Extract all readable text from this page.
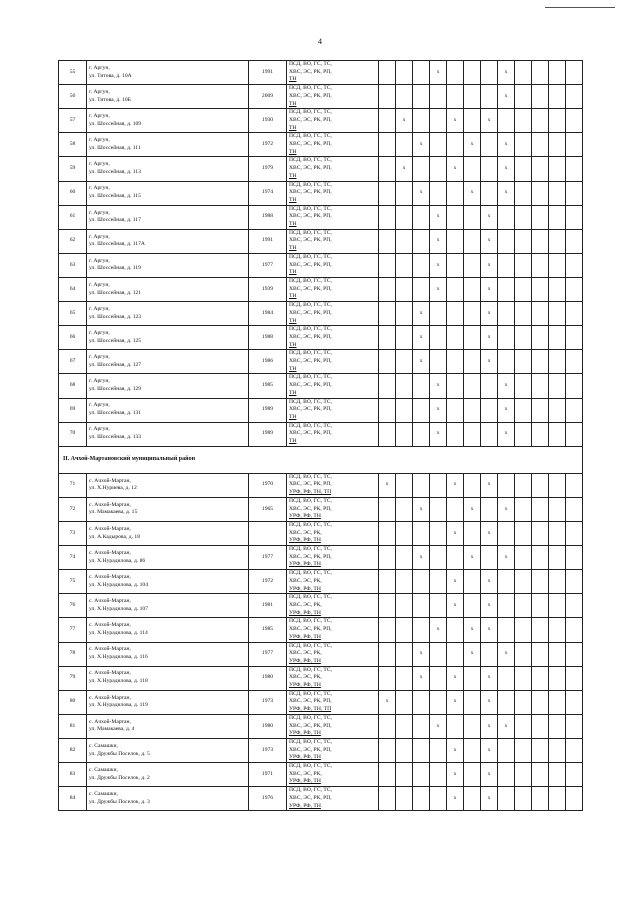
4
55	г. Аргун,
ул. Титова, д. 10А	1991	ПСД, ВО, ГС, ТС,
ХВС, ЭС, РК, РП,
ТН				x				x				
56	г. Аргун,
ул. Титова, д. 10Б	2009	ПСД, ВО, ГС, ТС,
ХВС, ЭС, РК, РП,
ТН								x				
57	г. Аргун,
ул. Шоссейная, д. 109	1930	ПСД, ВО, ГС, ТС,
ХВС, ЭС, РК, РП,
ТН		x			x		x					
58	г. Аргун,
ул. Шоссейная, д. 111	1972	ПСД, ВО, ГС, ТС,
ХВС, ЭС, РК, РП,
ТН			x			x		x				
59	г. Аргун,
ул. Шоссейная, д. 113	1979	ПСД, ВО, ГС, ТС,
ХВС, ЭС, РК, РП,
ТН		x			x			x				
60	г. Аргун,
ул. Шоссейная, д. 115	1974	ПСД, ВО, ГС, ТС,
ХВС, ЭС, РК, РП,
ТН			x			x		x				
61	г. Аргун,
ул. Шоссейная, д. 117	1988	ПСД, ВО, ГС, ТС,
ХВС, ЭС, РК, РП,
ТН				x			x					
62	г. Аргун,
ул. Шоссейная, д. 117А	1991	ПСД, ВО, ГС, ТС,
ХВС, ЭС, РК, РП,
ТН				x			x					
63	г. Аргун,
ул. Шоссейная, д. 119	1977	ПСД, ВО, ГС, ТС,
ХВС, ЭС, РК, РП,
ТН				x			x					
64	г. Аргун,
ул. Шоссейная, д. 121	1939	ПСД, ВО, ГС, ТС,
ХВС, ЭС, РК, РП,
ТН				x			x					
65	г. Аргун,
ул. Шоссейная, д. 123	1984	ПСД, ВО, ГС, ТС,
ХВС, ЭС, РК, РП,
ТН			x				x					
66	г. Аргун,
ул. Шоссейная, д. 125	1988	ПСД, ВО, ГС, ТС,
ХВС, ЭС, РК, РП,
ТН			x				x					
67	г. Аргун,
ул. Шоссейная, д. 127	1986	ПСД, ВО, ГС, ТС,
ХВС, ЭС, РК, РП,
ТН			x				x					
68	г. Аргун,
ул. Шоссейная, д. 129	1985	ПСД, ВО, ГС, ТС,
ХВС, ЭС, РК, РП,
ТН				x				x				
69	г. Аргун,
ул. Шоссейная, д. 131	1989	ПСД, ВО, ГС, ТС,
ХВС, ЭС, РК, РП,
ТН				x				x				
70	г. Аргун,
ул. Шоссейная, д. 133	1989	ПСД, ВО, ГС, ТС,
ХВС, ЭС, РК, РП,
ТН				x				x				
II. Ачхой-Мартановский муниципальный район															
71	с. Ачхой-Мартан,
ул. Х.Нуриева, д. 12	1970	ПСД, ВО, ГС, ТС,
ХВС, ЭС, РК, РП,
УРФ, РФ, ТН, ТП	x				x		x					
72	с. Ачхой-Мартан,
ул. Мамакаева, д. 15	1965	ПСД, ВО, ГС, ТС,
ХВС, ЭС, РК, РП,
УРФ, РФ, ТН			x			x		x				
73	с. Ачхой-Мартан,
ул. А.Кадырова, д. 18		ПСД, ВО, ГС, ТС,
ХВС, ЭС, РК,
УРФ, РФ, ТН					x		x					
74	с. Ачхой-Мартан,
ул. Х.Нурадилова, д. 86	1977	ПСД, ВО, ГС, ТС,
ХВС, ЭС, РК, РП,
УРФ, РФ, ТН			x			x		x				
75	с. Ачхой-Мартан,
ул. Х.Нурадилова, д. 104	1972	ПСД, ВО, ГС, ТС,
ХВС, ЭС, РК,
УРФ, РФ, ТН					x		x					
76	с. Ачхой-Мартан,
ул. Х.Нурадилова, д. 107	1981	ПСД, ВО, ГС, ТС,
ХВС, ЭС, РК,
УРФ, РФ, ТН					x		x					
77	с. Ачхой-Мартан,
ул. Х.Нурадилова, д. 114	1985	ПСД, ВО, ГС, ТС,
ХВС, ЭС, РК, РП,
УРФ, РФ, ТН				x		x	x					
78	с. Ачхой-Мартан,
ул. Х.Нурадилова, д. 116	1977	ПСД, ВО, ГС, ТС,
ХВС, ЭС, РК,
УРФ, РФ, ТН			x			x		x				
79	с. Ачхой-Мартан,
ул. Х.Нурадилова, д. 118	1980	ПСД, ВО, ГС, ТС,
ХВС, ЭС, РК,
УРФ, РФ, ТН			x		x		x					
80	с. Ачхой-Мартан,
ул. Х.Нурадилова, д. 119	1973	ПСД, ВО, ГС, ТС,
ХВС, ЭС, РК, РП,
УРФ, РФ, ТН, ТП	x				x		x					
81	с. Ачхой-Мартан,
ул. Мамакаева, д. 4	1980	ПСД, ВО, ГС, ТС,
ХВС, ЭС, РК, РП,
УРФ, РФ, ТН				x			x	x				
82	с. Самашки,
ул. Дружбы Поселок, д. 5	1973	ПСД, ВО, ГС, ТС,
ХВС, ЭС, РК, РП,
УРФ, РФ, ТН					x		x					
83	с. Самашки,
ул. Дружбы Поселок, д. 2	1971	ПСД, ВО, ГС, ТС,
ХВС, ЭС, РК,
УРФ, РФ, ТН					x		x					
84	с. Самашки,
ул. Дружбы Поселок, д. 3	1976	ПСД, ВО, ГС, ТС,
ХВС, ЭС, РК, РП,
УРФ, РФ, ТН					x		x					
